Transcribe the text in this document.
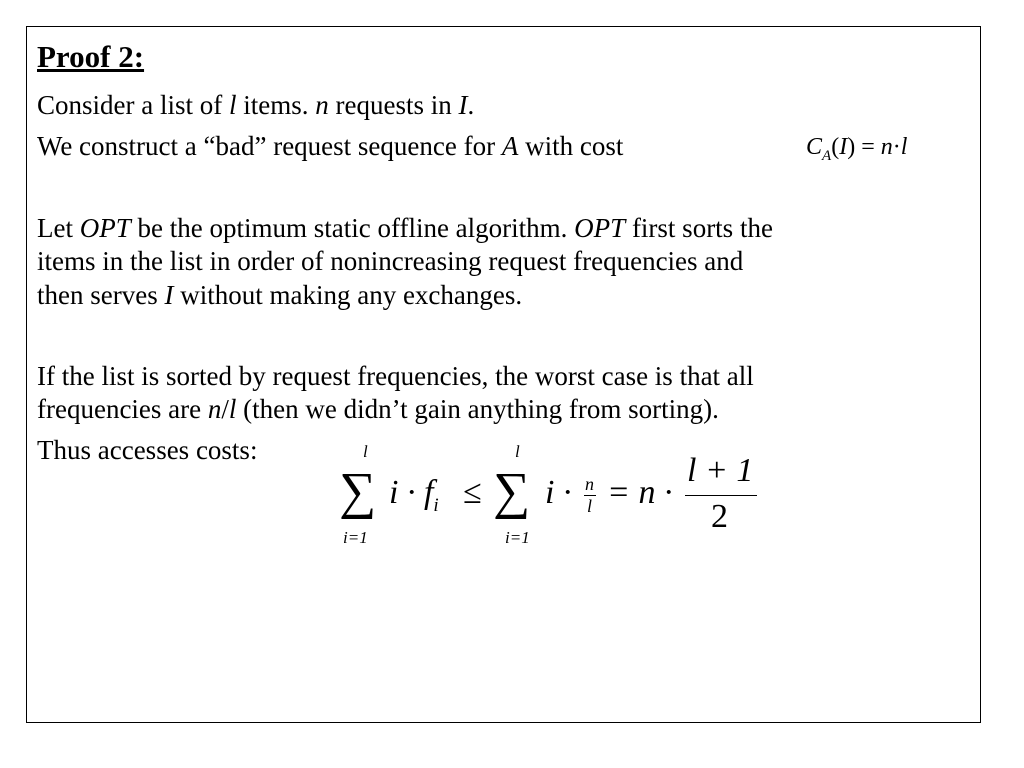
Proof 2:
Consider a list of l items. n requests in I.
We construct a “bad” request sequence for A with cost	$C_A(I) = n\cdot l$
Let OPT be the optimum static offline algorithm. OPT first sorts the
items in the list in order of nonincreasing request frequencies and
then serves I without making any exchanges.
If the list is sorted by request frequencies, the worst case is that all
frequencies are n/l (then we didn’t gain anything from sorting).
Thus accesses costs:	l
∑
i=1
$i \cdot f_i$ ≤
l
∑
i=1
i · n
l = n ·
l + 1
2
